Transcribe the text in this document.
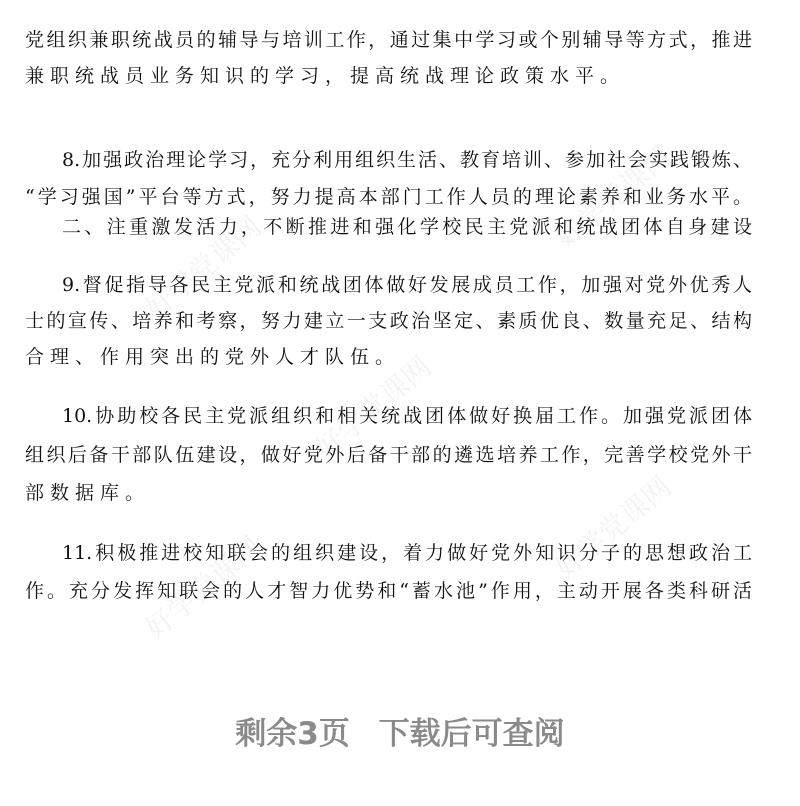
好学党课网
好学党课网
好学党课网
好学党课网
好学党课网
党组织兼职统战员的辅导与培训工作，通过集中学习或个别辅导等方式，推进
兼职统战员业务知识的学习，提高统战理论政策水平。
8.加强政治理论学习，充分利用组织生活、教育培训、参加社会实践锻炼、
“学习强国”平台等方式，努力提高本部门工作人员的理论素养和业务水平。
二、注重激发活力，不断推进和强化学校民主党派和统战团体自身建设
9.督促指导各民主党派和统战团体做好发展成员工作，加强对党外优秀人
士的宣传、培养和考察，努力建立一支政治坚定、素质优良、数量充足、结构
合理、作用突出的党外人才队伍。
10.协助校各民主党派组织和相关统战团体做好换届工作。加强党派团体
组织后备干部队伍建设，做好党外后备干部的遴选培养工作，完善学校党外干
部数据库。
11.积极推进校知联会的组织建设，着力做好党外知识分子的思想政治工
作。充分发挥知联会的人才智力优势和“蓄水池”作用，主动开展各类科研活
剩余3页 下载后可查阅
